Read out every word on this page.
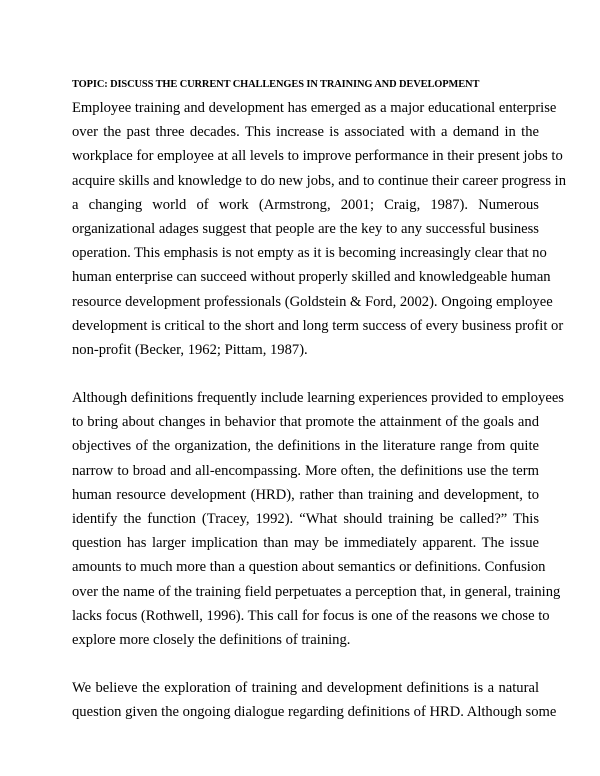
TOPIC: DISCUSS THE CURRENT CHALLENGES IN TRAINING AND DEVELOPMENT
Employee training and development has emerged as a major educational enterprise
over the past three decades. This increase is associated with a demand in the
workplace for employee at all levels to improve performance in their present jobs to
acquire skills and knowledge to do new jobs, and to continue their career progress in
a changing world of work (Armstrong, 2001; Craig, 1987). Numerous
organizational adages suggest that people are the key to any successful business
operation. This emphasis is not empty as it is becoming increasingly clear that no
human enterprise can succeed without properly skilled and knowledgeable human
resource development professionals (Goldstein & Ford, 2002). Ongoing employee
development is critical to the short and long term success of every business profit or
non-profit (Becker, 1962; Pittam, 1987).
Although definitions frequently include learning experiences provided to employees
to bring about changes in behavior that promote the attainment of the goals and
objectives of the organization, the definitions in the literature range from quite
narrow to broad and all-encompassing. More often, the definitions use the term
human resource development (HRD), rather than training and development, to
identify the function (Tracey, 1992). “What should training be called?” This
question has larger implication than may be immediately apparent. The issue
amounts to much more than a question about semantics or definitions. Confusion
over the name of the training field perpetuates a perception that, in general, training
lacks focus (Rothwell, 1996). This call for focus is one of the reasons we chose to
explore more closely the definitions of training.
We believe the exploration of training and development definitions is a natural
question given the ongoing dialogue regarding definitions of HRD. Although some
